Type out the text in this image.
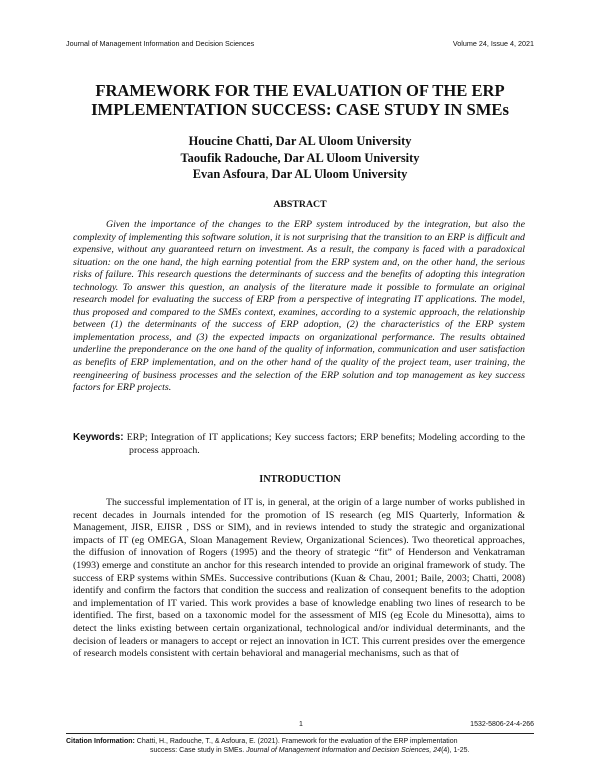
Journal of Management Information and Decision Sciences	Volume 24, Issue 4, 2021
FRAMEWORK FOR THE EVALUATION OF THE ERP
IMPLEMENTATION SUCCESS: CASE STUDY IN SMEs
Houcine Chatti, Dar AL Uloom University
Taoufik Radouche, Dar AL Uloom University
Evan Asfoura, Dar AL Uloom University
ABSTRACT

Given the importance of the changes to the ERP system introduced by the integration, but also the complexity of implementing this software solution, it is not surprising that the transition to an ERP is difficult and expensive, without any guaranteed return on investment. As a result, the company is faced with a paradoxical situation: on the one hand, the high earning potential from the ERP system and, on the other hand, the serious risks of failure. This research questions the determinants of success and the benefits of adopting this integration technology. To answer this question, an analysis of the literature made it possible to formulate an original research model for evaluating the success of ERP from a perspective of integrating IT applications. The model, thus proposed and compared to the SMEs context, examines, according to a systemic approach, the relationship between (1) the determinants of the success of ERP adoption, (2) the characteristics of the ERP system implementation process, and (3) the expected impacts on organizational performance. The results obtained underline the preponderance on the one hand of the quality of information, communication and user satisfaction as benefits of ERP implementation, and on the other hand of the quality of the project team, user training, the reengineering of business processes and the selection of the ERP solution and top management as key success factors for ERP projects.

Keywords: ERP; Integration of IT applications; Key success factors; ERP benefits; Modeling according to the process approach.
INTRODUCTION

The successful implementation of IT is, in general, at the origin of a large number of works published in recent decades in Journals intended for the promotion of IS research (eg MIS Quarterly, Information & Management, JISR, EJISR , DSS or SIM), and in reviews intended to study the strategic and organizational impacts of IT (eg OMEGA, Sloan Management Review, Organizational Sciences). Two theoretical approaches, the diffusion of innovation of Rogers (1995) and the theory of strategic “fit” of Henderson and Venkatraman (1993) emerge and constitute an anchor for this research intended to provide an original framework of study. The success of ERP systems within SMEs. Successive contributions (Kuan & Chau, 2001; Baile, 2003; Chatti, 2008) identify and confirm the factors that condition the success and realization of consequent benefits to the adoption and implementation of IT varied. This work provides a base of knowledge enabling two lines of research to be identified. The first, based on a taxonomic model for the assessment of MIS (eg Ecole du Minesotta), aims to detect the links existing between certain organizational, technological and/or individual determinants, and the decision of leaders or managers to accept or reject an innovation in ICT. This current presides over the emergence of research models consistent with certain behavioral and managerial mechanisms, such as that of

1	1532-5806-24-4-266
Citation Information: Chatti, H., Radouche, T., & Asfoura, E. (2021). Framework for the evaluation of the ERP implementation
success: Case study in SMEs. Journal of Management Information and Decision Sciences, 24(4), 1-25.
